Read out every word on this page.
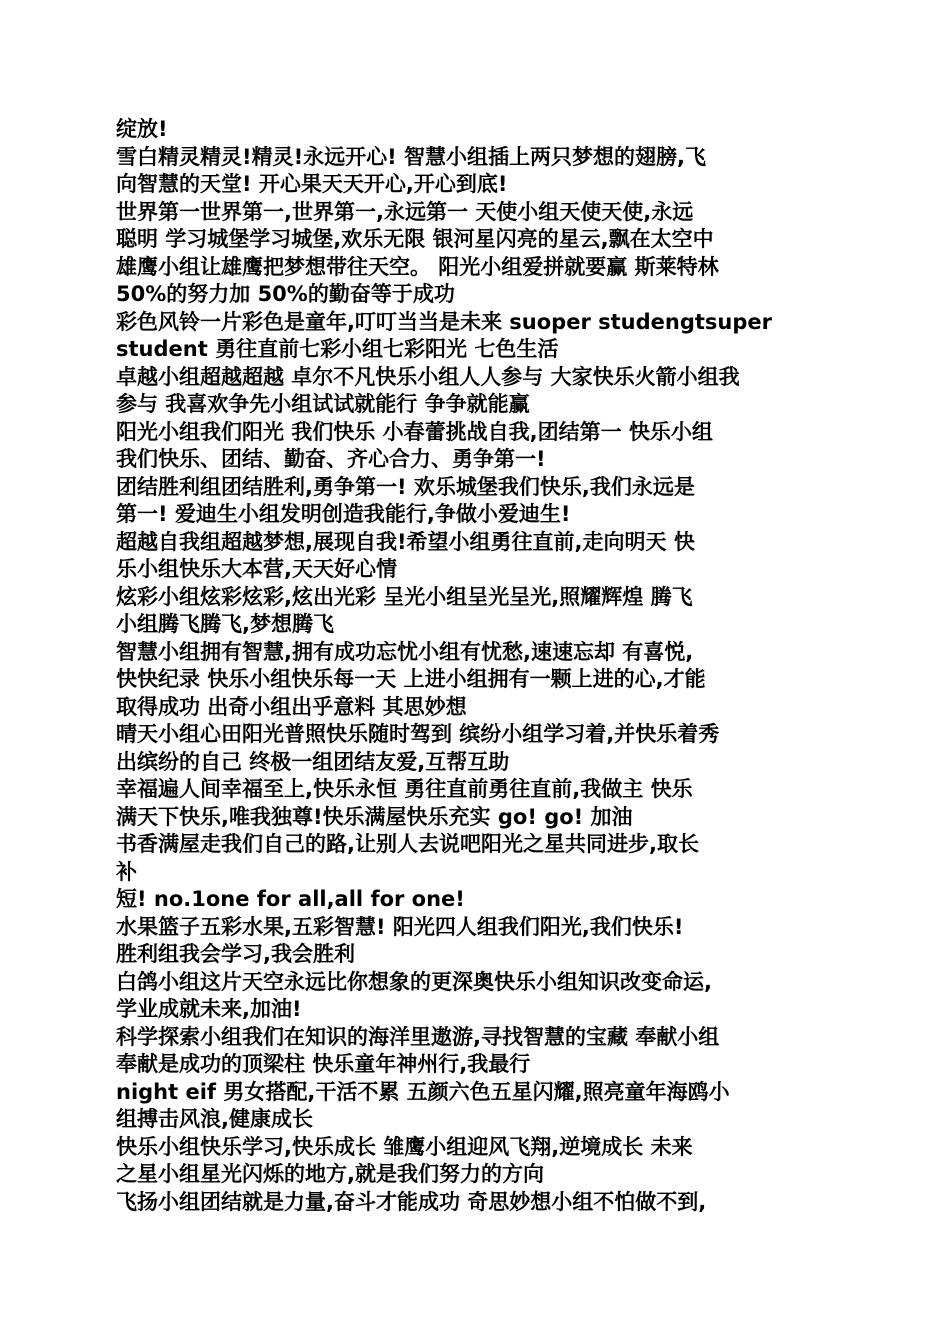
绽放!
雪白精灵精灵!精灵!永远开心! 智慧小组插上两只梦想的翅膀,飞
向智慧的天堂! 开心果天天开心,开心到底!
世界第一世界第一,世界第一,永远第一 天使小组天使天使,永远
聪明 学习城堡学习城堡,欢乐无限 银河星闪亮的星云,飘在太空中
雄鹰小组让雄鹰把梦想带往天空。 阳光小组爱拼就要赢 斯莱特林
50%的努力加 50%的勤奋等于成功
彩色风铃一片彩色是童年,叮叮当当是未来 suoper studengtsuper
student 勇往直前七彩小组七彩阳光 七色生活
卓越小组超越超越 卓尔不凡快乐小组人人参与 大家快乐火箭小组我
参与 我喜欢争先小组试试就能行 争争就能赢
阳光小组我们阳光 我们快乐 小春蕾挑战自我,团结第一 快乐小组
我们快乐、团结、勤奋、齐心合力、勇争第一!
团结胜利组团结胜利,勇争第一! 欢乐城堡我们快乐,我们永远是
第一! 爱迪生小组发明创造我能行,争做小爱迪生!
超越自我组超越梦想,展现自我!希望小组勇往直前,走向明天 快
乐小组快乐大本营,天天好心情
炫彩小组炫彩炫彩,炫出光彩 呈光小组呈光呈光,照耀辉煌 腾飞
小组腾飞腾飞,梦想腾飞
智慧小组拥有智慧,拥有成功忘忧小组有忧愁,速速忘却 有喜悦,
快快纪录 快乐小组快乐每一天 上进小组拥有一颗上进的心,才能
取得成功 出奇小组出乎意料 其思妙想
晴天小组心田阳光普照快乐随时驾到 缤纷小组学习着,并快乐着秀
出缤纷的自己 终极一组团结友爱,互帮互助
幸福遍人间幸福至上,快乐永恒 勇往直前勇往直前,我做主 快乐
满天下快乐,唯我独尊!快乐满屋快乐充实 go! go! 加油
书香满屋走我们自己的路,让别人去说吧阳光之星共同进步,取长
补
短! no.1one for all,all for one!
水果篮子五彩水果,五彩智慧! 阳光四人组我们阳光,我们快乐!
胜利组我会学习,我会胜利
白鸽小组这片天空永远比你想象的更深奥快乐小组知识改变命运,
学业成就未来,加油!
科学探索小组我们在知识的海洋里遨游,寻找智慧的宝藏 奉献小组
奉献是成功的顶梁柱 快乐童年神州行,我最行
night eif 男女搭配,干活不累 五颜六色五星闪耀,照亮童年海鸥小
组搏击风浪,健康成长
快乐小组快乐学习,快乐成长 雏鹰小组迎风飞翔,逆境成长 未来
之星小组星光闪烁的地方,就是我们努力的方向
飞扬小组团结就是力量,奋斗才能成功 奇思妙想小组不怕做不到,
